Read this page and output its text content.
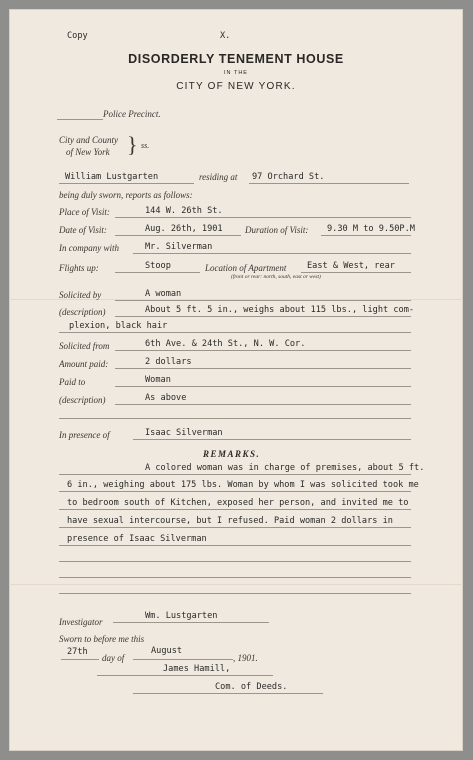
Copy	X.
DISORDERLY TENEMENT HOUSE
IN THE
CITY OF NEW YORK.
Police Precinct.
City and County
of New York } ss.
William Lustgarten	residing at 97 Orchard St.
being duly sworn, reports as follows:
Place of Visit:	144 W. 26th St.
Date of Visit:	Aug. 26th, 1901 Duration of Visit: 9.30 M to 9.50P.M
In company with	Mr. Silverman
Flights up:	Stoop	Location of Apartment East & West, rear
(front or rear: north, south, east or west)
Solicited by	A woman
(description)	About 5 ft. 5 in., weighs about 115 lbs., light com-
plexion, black hair
Solicited from	6th Ave. & 24th St., N. W. Cor.
Amount paid:	2 dollars
Paid to	Woman
(description)	As above
In presence of	Isaac Silverman
REMARKS.
A colored woman was in charge of premises, about 5 ft.
6 in., weighing about 175 lbs. Woman by whom I was solicited took me
to bedroom south of Kitchen, exposed her person, and invited me to
have sexual intercourse, but I refused. Paid woman 2 dollars in
presence of Isaac Silverman
Investigator
Wm. Lustgarten
Sworn to before me this
27th
day of
August
, 1901.
James Hamill,
Com. of Deeds.
